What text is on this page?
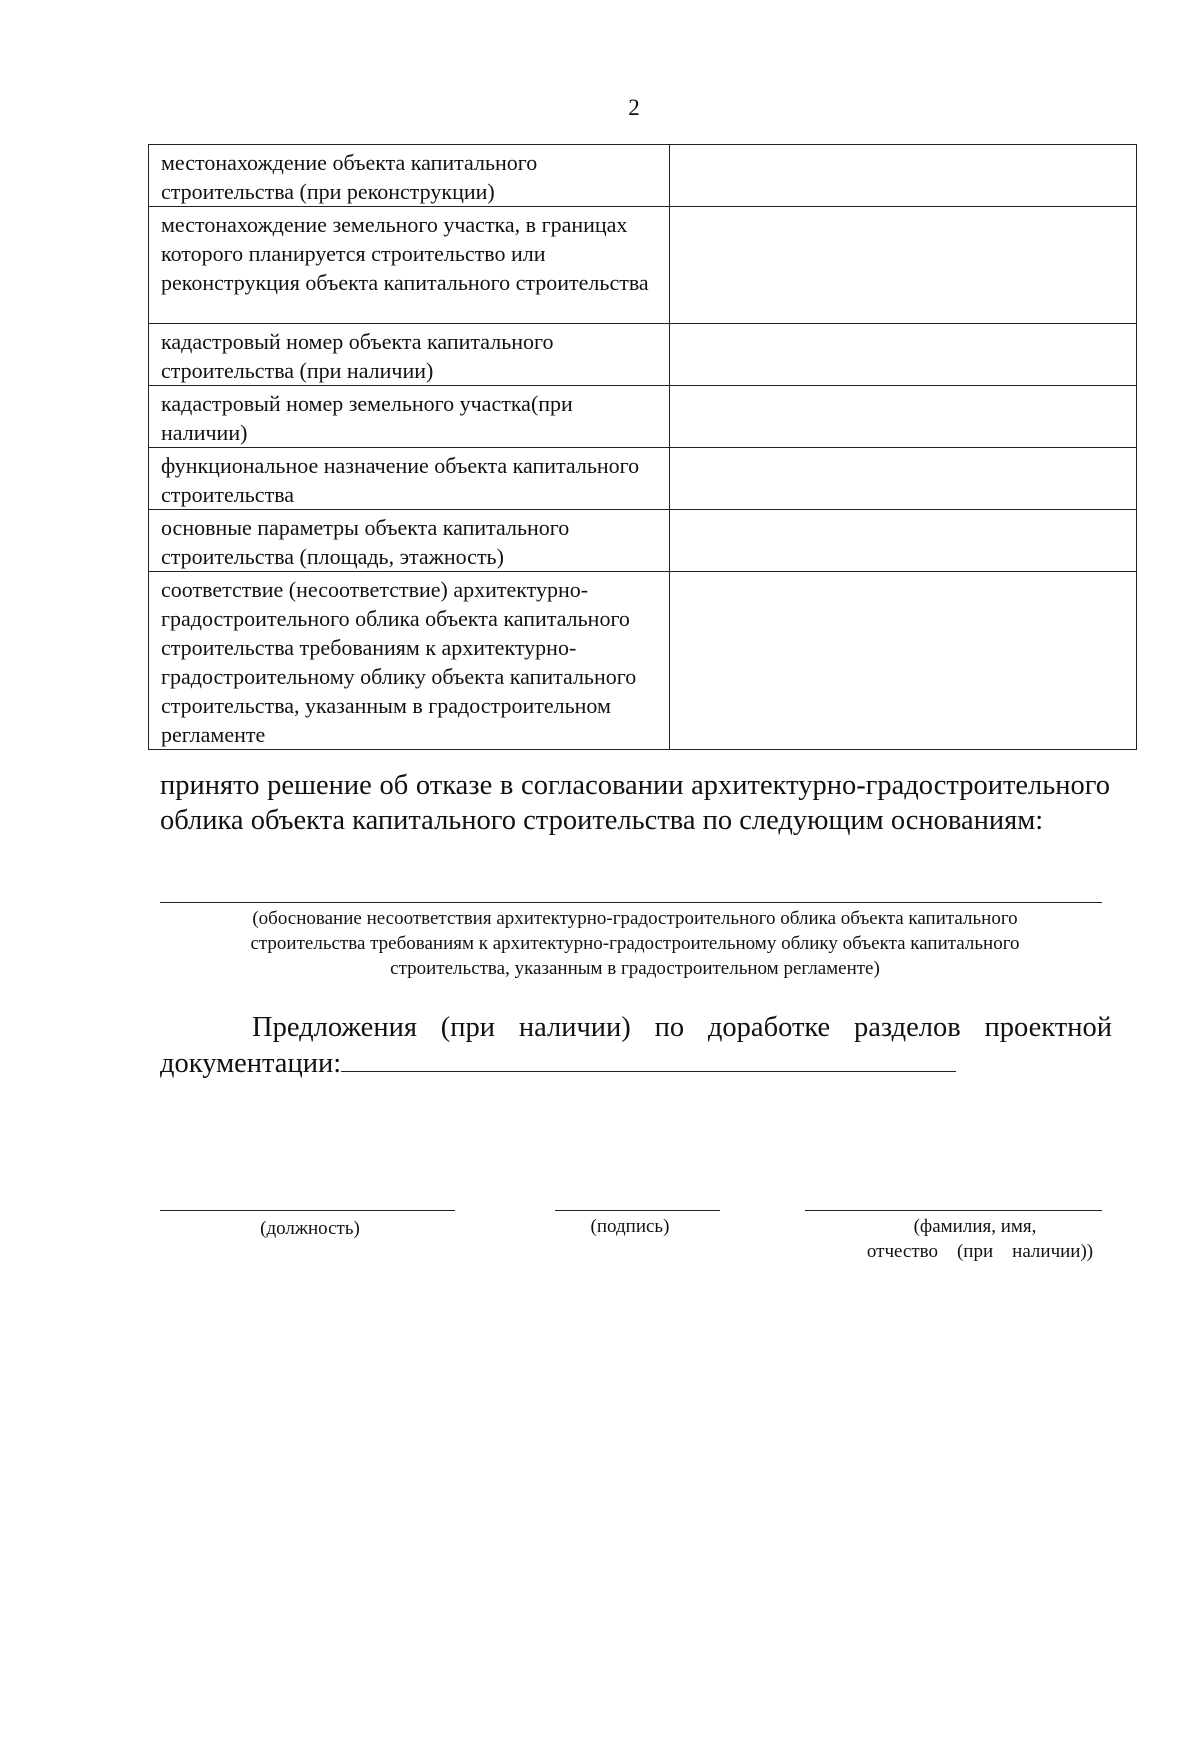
2
местонахождение объекта капитального строительства (при реконструкции)	
местонахождение земельного участка, в границах которого планируется строительство или реконструкция объекта капитального строительства	
кадастровый номер объекта капитального строительства (при наличии)	
кадастровый номер земельного участка(при наличии)	
функциональное назначение объекта капитального строительства	
основные параметры объекта капитального строительства (площадь, этажность)	
соответствие (несоответствие) архитектурно-градостроительного облика объекта капитального строительства требованиям к архитектурно-градостроительному облику объекта капитального строительства, указанным в градостроительном регламенте	
принято решение об отказе в согласовании архитектурно-градостроительного облика объекта капитального строительства по следующим основаниям:
(обоснование несоответствия архитектурно-градостроительного облика объекта капитального строительства требованиям к архитектурно-градостроительному облику объекта капитального строительства, указанным в градостроительном регламенте)
Предложения (при наличии) по доработке разделов проектной документации:
(должность)	(подпись)	(фамилия, имя,
отчество    (при    наличии))
